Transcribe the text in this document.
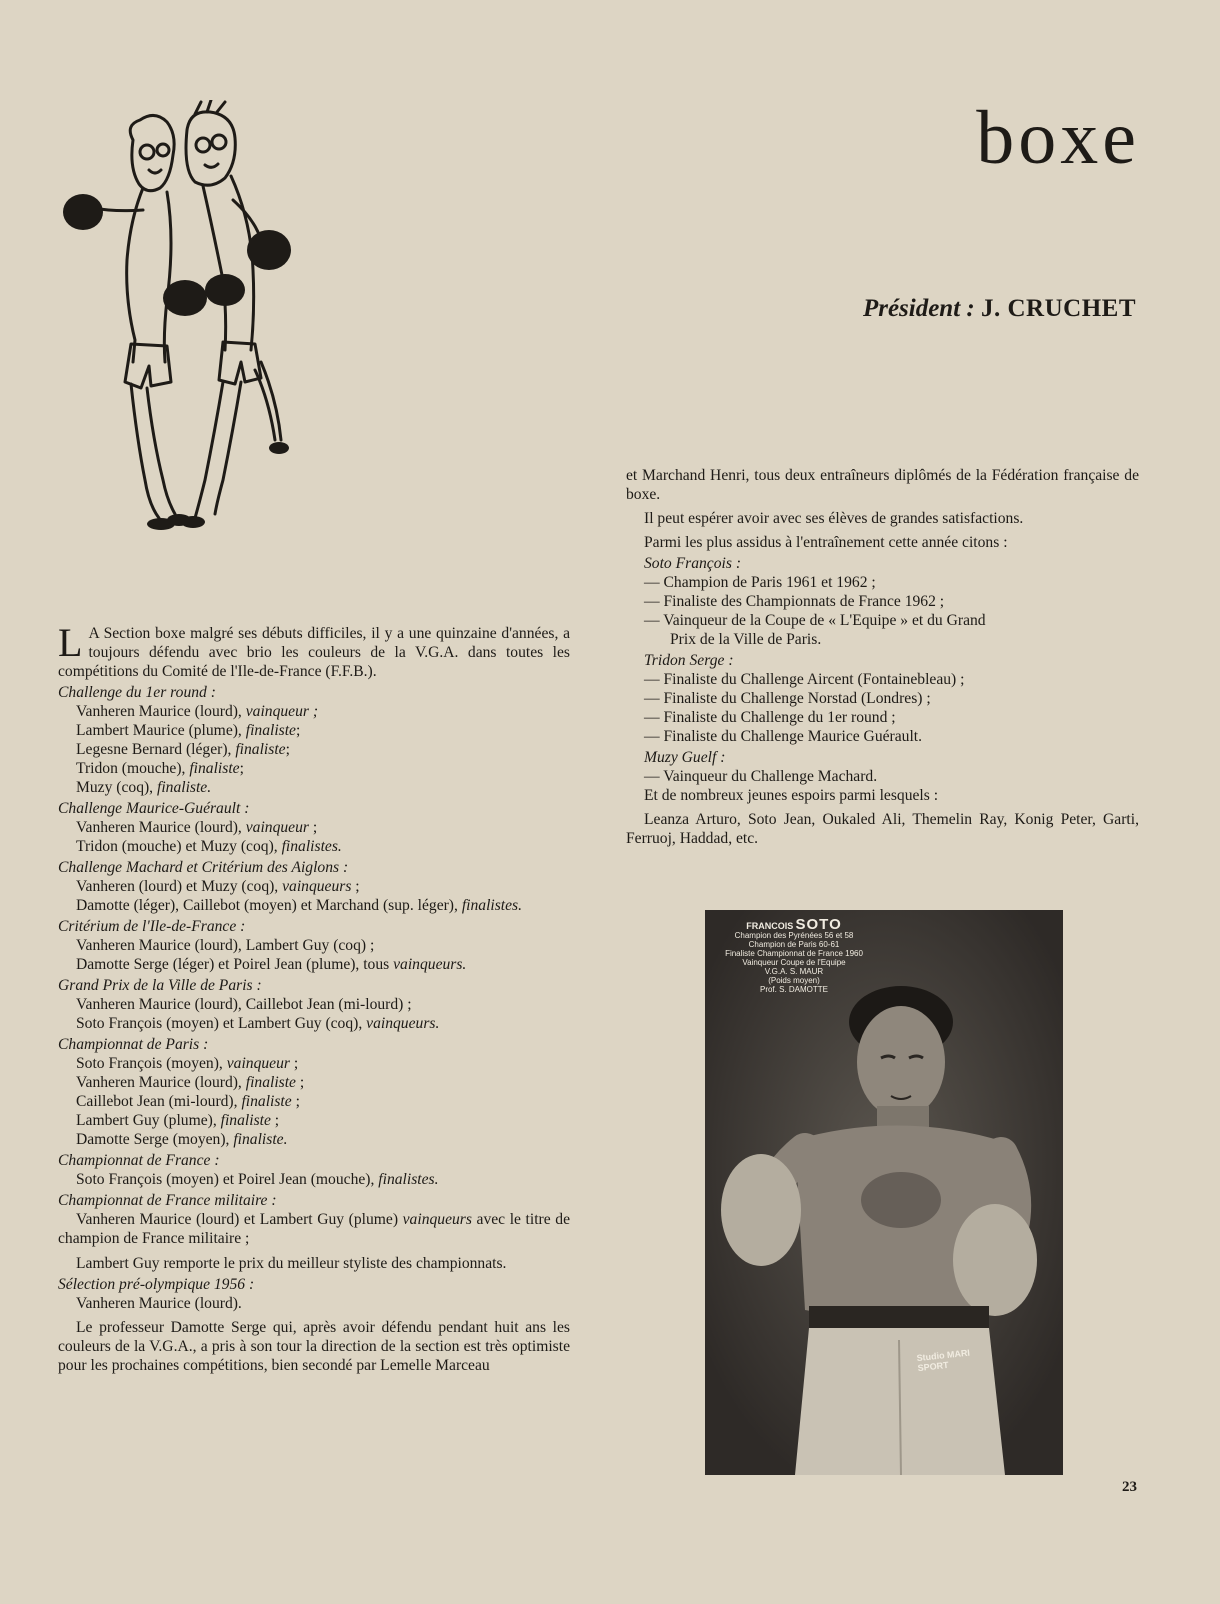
boxe
Président : J. CRUCHET

L A Section boxe malgré ses débuts difficiles, il y a une quinzaine d'années, a toujours défendu avec brio les couleurs de la V.G.A. dans toutes les compétitions du Comité de l'Ile-de-France (F.F.B.).

Challenge du 1er round :

Vanheren Maurice (lourd), vainqueur ;

Lambert Maurice (plume), finaliste;

Legesne Bernard (léger), finaliste;

Tridon (mouche), finaliste;

Muzy (coq), finaliste.

Challenge Maurice-Guérault :

Vanheren Maurice (lourd), vainqueur ;

Tridon (mouche) et Muzy (coq), finalistes.

Challenge Machard et Critérium des Aiglons :

Vanheren (lourd) et Muzy (coq), vainqueurs ;

Damotte (léger), Caillebot (moyen) et Marchand (sup. léger), finalistes.

Critérium de l'Ile-de-France :

Vanheren Maurice (lourd), Lambert Guy (coq) ;

Damotte Serge (léger) et Poirel Jean (plume), tous vainqueurs.

Grand Prix de la Ville de Paris :

Vanheren Maurice (lourd), Caillebot Jean (mi-lourd) ;

Soto François (moyen) et Lambert Guy (coq), vainqueurs.

Championnat de Paris :

Soto François (moyen), vainqueur ;

Vanheren Maurice (lourd), finaliste ;

Caillebot Jean (mi-lourd), finaliste ;

Lambert Guy (plume), finaliste ;

Damotte Serge (moyen), finaliste.

Championnat de France :

Soto François (moyen) et Poirel Jean (mouche), finalistes.

Championnat de France militaire :

Vanheren Maurice (lourd) et Lambert Guy (plume) vainqueurs avec le titre de champion de France militaire ;

Lambert Guy remporte le prix du meilleur styliste des championnats.

Sélection pré-olympique 1956 :

Vanheren Maurice (lourd).

Le professeur Damotte Serge qui, après avoir défendu pendant huit ans les couleurs de la V.G.A., a pris à son tour la direction de la section est très optimiste pour les prochaines compétitions, bien secondé par Lemelle Marceau

et Marchand Henri, tous deux entraîneurs diplômés de la Fédération française de boxe.

Il peut espérer avoir avec ses élèves de grandes satisfactions.

Parmi les plus assidus à l'entraînement cette année citons :

Soto François :

— Champion de Paris 1961 et 1962 ;

— Finaliste des Championnats de France 1962 ;

— Vainqueur de la Coupe de « L'Equipe » et du Grand

Prix de la Ville de Paris.

Tridon Serge :

— Finaliste du Challenge Aircent (Fontainebleau) ;

— Finaliste du Challenge Norstad (Londres) ;

— Finaliste du Challenge du 1er round ;

— Finaliste du Challenge Maurice Guérault.

Muzy Guelf :

— Vainqueur du Challenge Machard.

Et de nombreux jeunes espoirs parmi lesquels :

Leanza Arturo, Soto Jean, Oukaled Ali, Themelin Ray, Konig Peter, Garti, Ferruoj, Haddad, etc.

FRANCOIS SOTO
Champion des Pyrénées 56 et 58
Champion de Paris 60-61
Finaliste Championnat de France 1960
Vainqueur Coupe de l'Equipe
V.G.A. S. MAUR
(Poids moyen)
Prof. S. DAMOTTE
Studio MARI SPORT
23
